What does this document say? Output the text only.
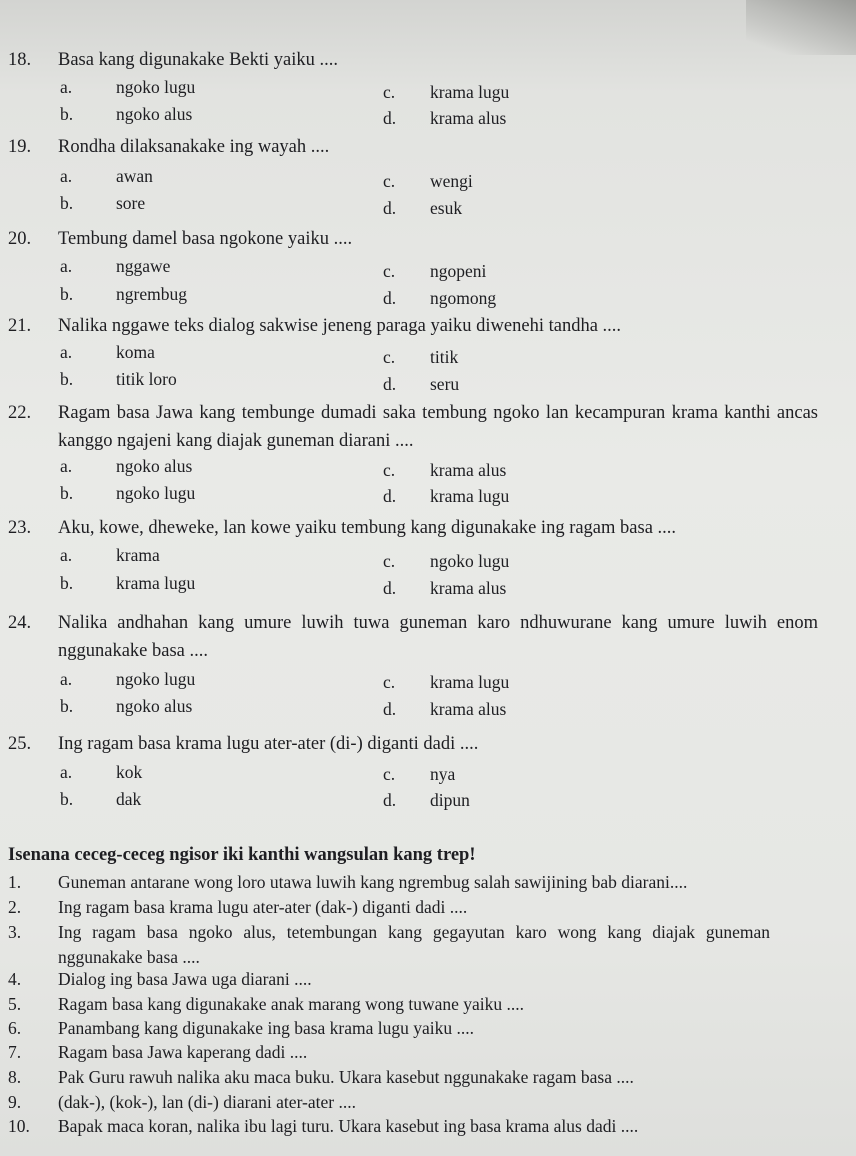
18. Basa kang digunakake Bekti yaiku ....
a.	ngoko lugu
b. ngoko alus
c. krama lugu
d. krama alus
19. Rondha dilaksanakake ing wayah ....
a.	awan
b. sore
c. wengi
d. esuk
20. Tembung damel basa ngokone yaiku ....
a.	nggawe
b. ngrembug
c. ngopeni
d. ngomong
21. Nalika nggawe teks dialog sakwise jeneng paraga yaiku diwenehi tandha ....
a.	koma
b. titik loro
c. titik
d. seru
22. Ragam basa Jawa kang tembunge dumadi saka tembung ngoko lan kecampuran krama kanthi ancas kanggo ngajeni kang diajak guneman diarani ....
a.	ngoko alus
b. ngoko lugu
c. krama alus
d. krama lugu
23. Aku, kowe, dheweke, lan kowe yaiku tembung kang digunakake ing ragam basa ....
a.	krama
b. krama lugu
c. ngoko lugu
d. krama alus
24. Nalika andhahan kang umure luwih tuwa guneman karo ndhuwurane kang umure luwih enom nggunakake basa ....
a.	ngoko lugu
b. ngoko alus
c. krama lugu
d. krama alus
25. Ing ragam basa krama lugu ater-ater (di-) diganti dadi ....
a.	kok
b. dak
c. nya
d. dipun
Isenana ceceg-ceceg ngisor iki kanthi wangsulan kang trep!
1. Guneman antarane wong loro utawa luwih kang ngrembug salah sawijining bab diarani....
2. Ing ragam basa krama lugu ater-ater (dak-) diganti dadi ....
3. Ing ragam basa ngoko alus, tetembungan kang gegayutan karo wong kang diajak guneman nggunakake basa ....
4. Dialog ing basa Jawa uga diarani ....
5. Ragam basa kang digunakake anak marang wong tuwane yaiku ....
6. Panambang kang digunakake ing basa krama lugu yaiku ....
7. Ragam basa Jawa kaperang dadi ....
8. Pak Guru rawuh nalika aku maca buku. Ukara kasebut nggunakake ragam basa ....
9. (dak-), (kok-), lan (di-) diarani ater-ater ....
10. Bapak maca koran, nalika ibu lagi turu. Ukara kasebut ing basa krama alus dadi ....
